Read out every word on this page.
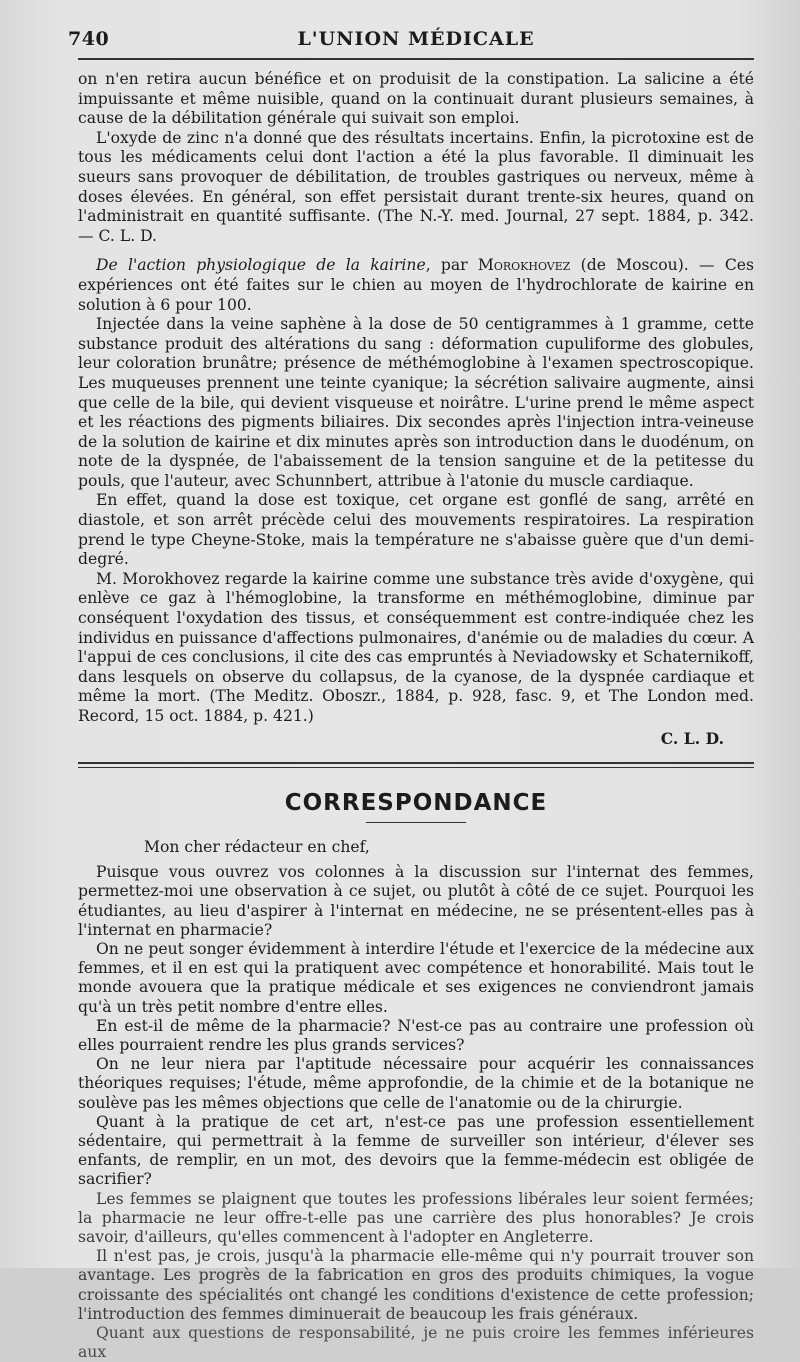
740	L'UNION MÉDICALE

on n'en retira aucun bénéfice et on produisit de la constipation. La salicine a été impuissante et même nuisible, quand on la continuait durant plusieurs semaines, à cause de la débilitation générale qui suivait son emploi.

L'oxyde de zinc n'a donné que des résultats incertains. Enfin, la picrotoxine est de tous les médicaments celui dont l'action a été la plus favorable. Il diminuait les sueurs sans provoquer de débilitation, de troubles gastriques ou nerveux, même à doses élevées. En général, son effet persistait durant trente-six heures, quand on l'administrait en quantité suffisante. (The N.-Y. med. Journal, 27 sept. 1884, p. 342. — C. L. D.

De l'action physiologique de la kairine, par Morokhovez (de Moscou). — Ces expériences ont été faites sur le chien au moyen de l'hydrochlorate de kairine en solution à 6 pour 100.

Injectée dans la veine saphène à la dose de 50 centigrammes à 1 gramme, cette substance produit des altérations du sang : déformation cupuliforme des globules, leur coloration brunâtre; présence de méthémoglobine à l'examen spectroscopique. Les muqueuses prennent une teinte cyanique; la sécrétion salivaire augmente, ainsi que celle de la bile, qui devient visqueuse et noirâtre. L'urine prend le même aspect et les réactions des pigments biliaires. Dix secondes après l'injection intra-veineuse de la solution de kairine et dix minutes après son introduction dans le duodénum, on note de la dyspnée, de l'abaissement de la tension sanguine et de la petitesse du pouls, que l'auteur, avec Schunnbert, attribue à l'atonie du muscle cardiaque.

En effet, quand la dose est toxique, cet organe est gonflé de sang, arrêté en diastole, et son arrêt précède celui des mouvements respiratoires. La respiration prend le type Cheyne-Stoke, mais la température ne s'abaisse guère que d'un demi-degré.

M. Morokhovez regarde la kairine comme une substance très avide d'oxygène, qui enlève ce gaz à l'hémoglobine, la transforme en méthémoglobine, diminue par conséquent l'oxydation des tissus, et conséquemment est contre-indiquée chez les individus en puissance d'affections pulmonaires, d'anémie ou de maladies du cœur. A l'appui de ces conclusions, il cite des cas empruntés à Neviadowsky et Schaternikoff, dans lesquels on observe du collapsus, de la cyanose, de la dyspnée cardiaque et même la mort. (The Meditz. Oboszr., 1884, p. 928, fasc. 9, et The London med. Record, 15 oct. 1884, p. 421.)

C. L. D.
CORRESPONDANCE
Mon cher rédacteur en chef,

Puisque vous ouvrez vos colonnes à la discussion sur l'internat des femmes, permettez-moi une observation à ce sujet, ou plutôt à côté de ce sujet. Pourquoi les étudiantes, au lieu d'aspirer à l'internat en médecine, ne se présentent-elles pas à l'internat en pharmacie?

On ne peut songer évidemment à interdire l'étude et l'exercice de la médecine aux femmes, et il en est qui la pratiquent avec compétence et honorabilité. Mais tout le monde avouera que la pratique médicale et ses exigences ne conviendront jamais qu'à un très petit nombre d'entre elles.

En est-il de même de la pharmacie? N'est-ce pas au contraire une profession où elles pourraient rendre les plus grands services?

On ne leur niera par l'aptitude nécessaire pour acquérir les connaissances théoriques requises; l'étude, même approfondie, de la chimie et de la botanique ne soulève pas les mêmes objections que celle de l'anatomie ou de la chirurgie.

Quant à la pratique de cet art, n'est-ce pas une profession essentiellement sédentaire, qui permettrait à la femme de surveiller son intérieur, d'élever ses enfants, de remplir, en un mot, des devoirs que la femme-médecin est obligée de sacrifier?

Les femmes se plaignent que toutes les professions libérales leur soient fermées; la pharmacie ne leur offre-t-elle pas une carrière des plus honorables? Je crois savoir, d'ailleurs, qu'elles commencent à l'adopter en Angleterre.

Il n'est pas, je crois, jusqu'à la pharmacie elle-même qui n'y pourrait trouver son avantage. Les progrès de la fabrication en gros des produits chimiques, la vogue croissante des spécialités ont changé les conditions d'existence de cette profession; l'introduction des femmes diminuerait de beaucoup les frais généraux.

Quant aux questions de responsabilité, je ne puis croire les femmes inférieures aux
